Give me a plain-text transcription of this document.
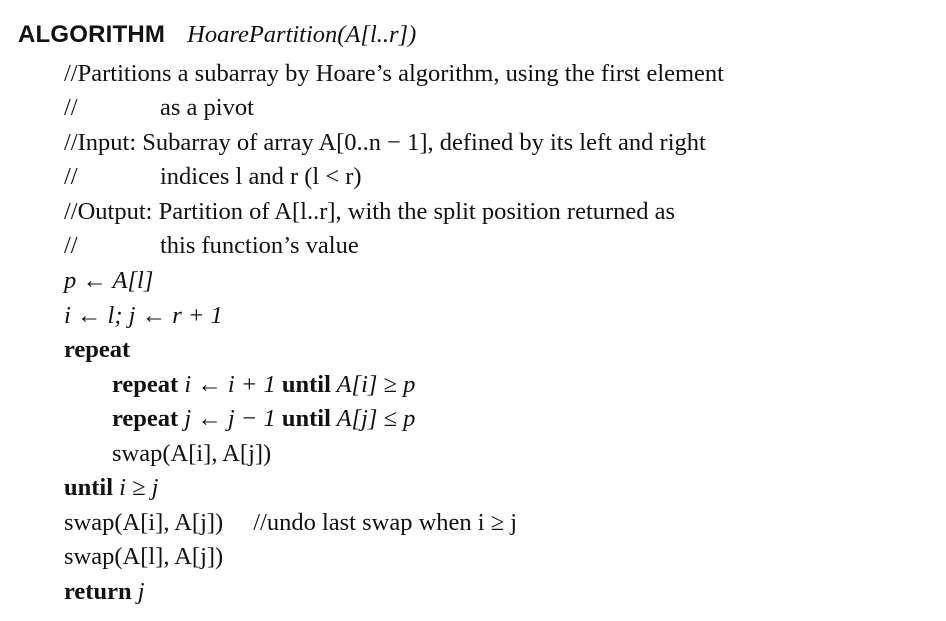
ALGORITHM HoarePartition(A[l..r])
//Partitions a subarray by Hoare’s algorithm, using the first element
//	as a pivot
//Input: Subarray of array A[0..n − 1], defined by its left and right
//	indices l and r (l < r)
//Output: Partition of A[l..r], with the split position returned as
//	this function’s value
p ← A[l]
i ← l; j ← r + 1
repeat
repeat i ← i + 1 until A[i] ≥ p
repeat j ← j − 1 until A[j] ≤ p
swap(A[i], A[j])
until i ≥ j
swap(A[i], A[j]) //undo last swap when i ≥ j
swap(A[l], A[j])
return j
